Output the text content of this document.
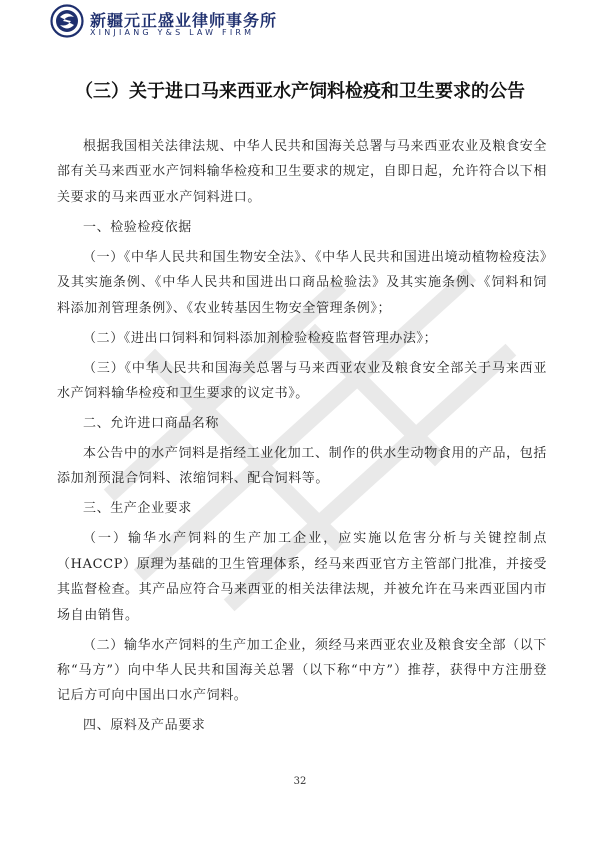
新疆元正盛业律师事务所
XINJIANG Y&S LAW FIRM
（三）关于进口马来西亚水产饲料检疫和卫生要求的公告

根据我国相关法律法规、中华人民共和国海关总署与马来西亚农业及粮食安全部有关马来西亚水产饲料输华检疫和卫生要求的规定，自即日起，允许符合以下相关要求的马来西亚水产饲料进口。

一、检验检疫依据

（一）《中华人民共和国生物安全法》、《中华人民共和国进出境动植物检疫法》及其实施条例、《中华人民共和国进出口商品检验法》及其实施条例、《饲料和饲料添加剂管理条例》、《农业转基因生物安全管理条例》；

（二）《进出口饲料和饲料添加剂检验检疫监督管理办法》；

（三）《中华人民共和国海关总署与马来西亚农业及粮食安全部关于马来西亚水产饲料输华检疫和卫生要求的议定书》。

二、允许进口商品名称

本公告中的水产饲料是指经工业化加工、制作的供水生动物食用的产品，包括添加剂预混合饲料、浓缩饲料、配合饲料等。

三、生产企业要求

（一）输华水产饲料的生产加工企业，应实施以危害分析与关键控制点（HACCP）原理为基础的卫生管理体系，经马来西亚官方主管部门批准，并接受其监督检查。其产品应符合马来西亚的相关法律法规，并被允许在马来西亚国内市场自由销售。

（二）输华水产饲料的生产加工企业，须经马来西亚农业及粮食安全部（以下称“马方”）向中华人民共和国海关总署（以下称“中方”）推荐，获得中方注册登记后方可向中国出口水产饲料。

四、原料及产品要求

32
